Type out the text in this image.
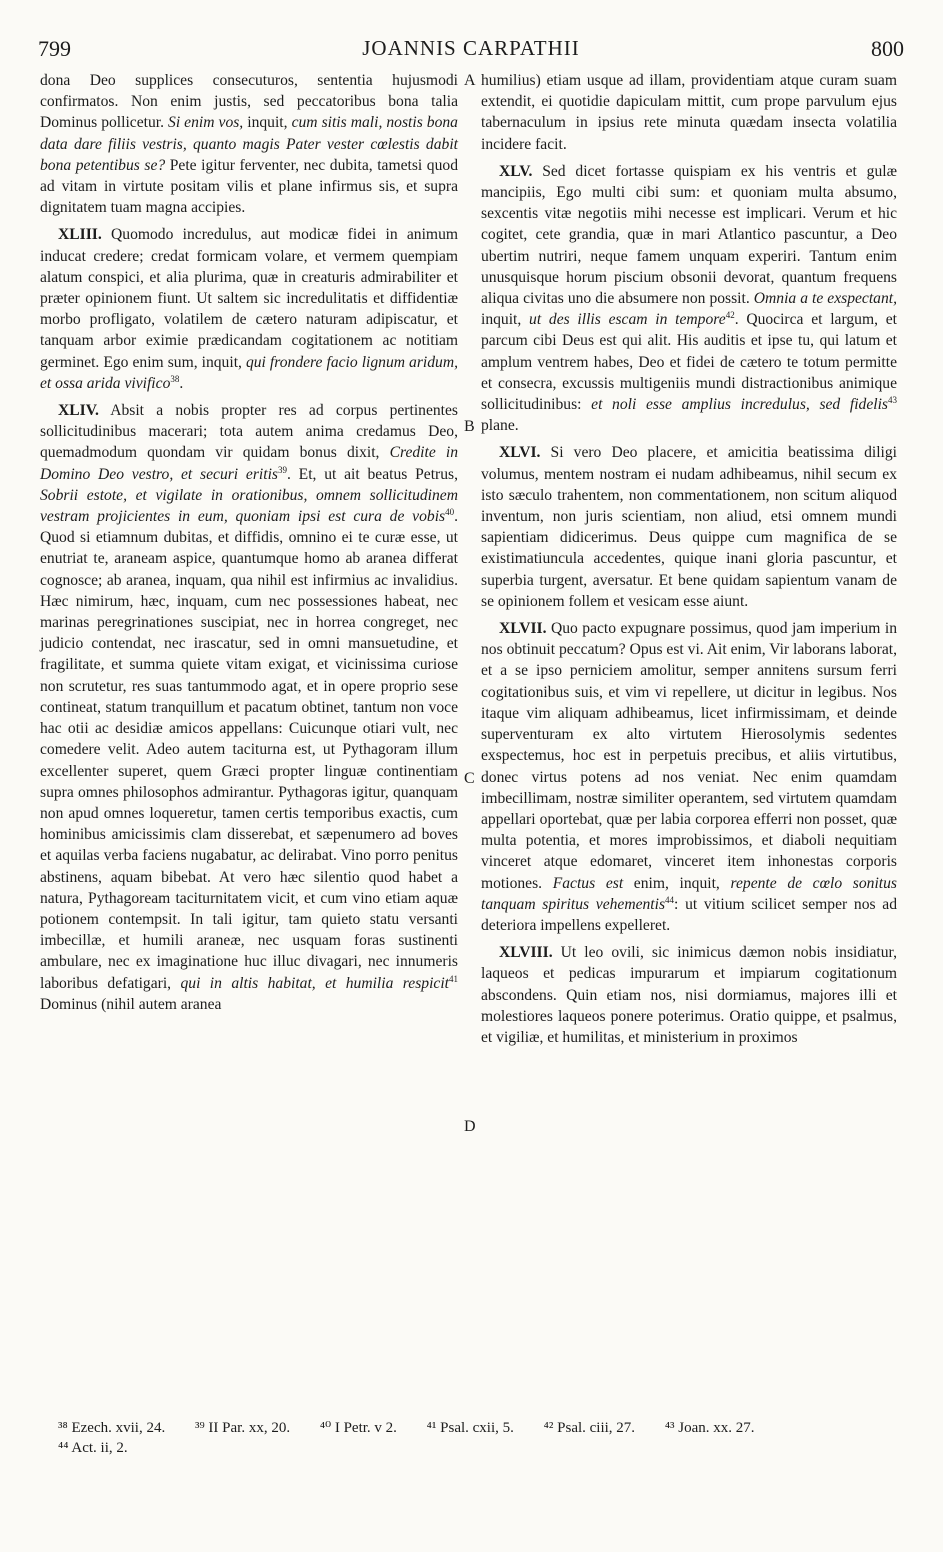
799	JOANNIS CARPATHII	800
A
B
C
D

dona Deo supplices consecuturos, sententia hujusmodi confirmatos. Non enim justis, sed peccatoribus bona talia Dominus pollicetur. Si enim vos, inquit, cum sitis mali, nostis bona data dare filiis vestris, quanto magis Pater vester cœlestis dabit bona petentibus se? Pete igitur ferventer, nec dubita, tametsi quod ad vitam in virtute positam vilis et plane infirmus sis, et supra dignitatem tuam magna accipies.

XLIII. Quomodo incredulus, aut modicæ fidei in animum inducat credere; credat formicam volare, et vermem quempiam alatum conspici, et alia plurima, quæ in creaturis admirabiliter et præter opinionem fiunt. Ut saltem sic incredulitatis et diffidentiæ morbo profligato, volatilem de cætero naturam adipiscatur, et tanquam arbor eximie prædicandam cogitationem ac notitiam germinet. Ego enim sum, inquit, qui frondere facio lignum aridum, et ossa arida vivifico$^{38}$.

XLIV. Absit a nobis propter res ad corpus pertinentes sollicitudinibus macerari; tota autem anima credamus Deo, quemadmodum quondam vir quidam bonus dixit, Credite in Domino Deo vestro, et securi eritis$^{39}$. Et, ut ait beatus Petrus, Sobrii estote, et vigilate in orationibus, omnem sollicitudinem vestram projicientes in eum, quoniam ipsi est cura de vobis$^{40}$. Quod si etiamnum dubitas, et diffidis, omnino ei te curæ esse, ut enutriat te, araneam aspice, quantumque homo ab aranea differat cognosce; ab aranea, inquam, qua nihil est infirmius ac invalidius. Hæc nimirum, hæc, inquam, cum nec possessiones habeat, nec marinas peregrinationes suscipiat, nec in horrea congreget, nec judicio contendat, nec irascatur, sed in omni mansuetudine, et fragilitate, et summa quiete vitam exigat, et vicinissima curiose non scrutetur, res suas tantummodo agat, et in opere proprio sese contineat, statum tranquillum et pacatum obtinet, tantum non voce hac otii ac desidiæ amicos appellans: Cuicunque otiari vult, nec comedere velit. Adeo autem taciturna est, ut Pythagoram illum excellenter superet, quem Græci propter linguæ continentiam supra omnes philosophos admirantur. Pythagoras igitur, quanquam non apud omnes loqueretur, tamen certis temporibus exactis, cum hominibus amicissimis clam disserebat, et sæpenumero ad boves et aquilas verba faciens nugabatur, ac delirabat. Vino porro penitus abstinens, aquam bibebat. At vero hæc silentio quod habet a natura, Pythagoream taciturnitatem vicit, et cum vino etiam aquæ potionem contempsit. In tali igitur, tam quieto statu versanti imbecillæ, et humili araneæ, nec usquam foras sustinenti ambulare, nec ex imaginatione huc illuc divagari, nec innumeris laboribus defatigari, qui in altis habitat, et humilia respicit$^{41}$ Dominus (nihil autem aranea

humilius) etiam usque ad illam, providentiam atque curam suam extendit, ei quotidie dapiculam mittit, cum prope parvulum ejus tabernaculum in ipsius rete minuta quædam insecta volatilia incidere facit.

XLV. Sed dicet fortasse quispiam ex his ventris et gulæ mancipiis, Ego multi cibi sum: et quoniam multa absumo, sexcentis vitæ negotiis mihi necesse est implicari. Verum et hic cogitet, cete grandia, quæ in mari Atlantico pascuntur, a Deo ubertim nutriri, neque famem unquam experiri. Tantum enim unusquisque horum piscium obsonii devorat, quantum frequens aliqua civitas uno die absumere non possit. Omnia a te exspectant, inquit, ut des illis escam in tempore$^{42}$. Quocirca et largum, et parcum cibi Deus est qui alit. His auditis et ipse tu, qui latum et amplum ventrem habes, Deo et fidei de cætero te totum permitte et consecra, excussis multigeniis mundi distractionibus animique sollicitudinibus: et noli esse amplius incredulus, sed fidelis$^{43}$ plane.

XLVI. Si vero Deo placere, et amicitia beatissima diligi volumus, mentem nostram ei nudam adhibeamus, nihil secum ex isto sæculo trahentem, non commentationem, non scitum aliquod inventum, non juris scientiam, non aliud, etsi omnem mundi sapientiam didicerimus. Deus quippe cum magnifica de se existimatiuncula accedentes, quique inani gloria pascuntur, et superbia turgent, aversatur. Et bene quidam sapientum vanam de se opinionem follem et vesicam esse aiunt.

XLVII. Quo pacto expugnare possimus, quod jam imperium in nos obtinuit peccatum? Opus est vi. Ait enim, Vir laborans laborat, et a se ipso perniciem amolitur, semper annitens sursum ferri cogitationibus suis, et vim vi repellere, ut dicitur in legibus. Nos itaque vim aliquam adhibeamus, licet infirmissimam, et deinde superventuram ex alto virtutem Hierosolymis sedentes exspectemus, hoc est in perpetuis precibus, et aliis virtutibus, donec virtus potens ad nos veniat. Nec enim quamdam imbecillimam, nostræ similiter operantem, sed virtutem quamdam appellari oportebat, quæ per labia corporea efferri non posset, quæ multa potentia, et mores improbissimos, et diaboli nequitiam vinceret atque edomaret, vinceret item inhonestas corporis motiones. Factus est enim, inquit, repente de cœlo sonitus tanquam spiritus vehementis$^{44}$: ut vitium scilicet semper nos ad deteriora impellens expelleret.

XLVIII. Ut leo ovili, sic inimicus dæmon nobis insidiatur, laqueos et pedicas impurarum et impiarum cogitationum abscondens. Quin etiam nos, nisi dormiamus, majores illi et molestiores laqueos ponere poterimus. Oratio quippe, et psalmus, et vigiliæ, et humilitas, et ministerium in proximos

³⁸ Ezech. xvii, 24. ³⁹ II Par. xx, 20. ⁴⁰ I Petr. v 2. ⁴¹ Psal. cxii, 5. ⁴² Psal. ciii, 27. ⁴³ Joan. xx. 27.
⁴⁴ Act. ii, 2.
